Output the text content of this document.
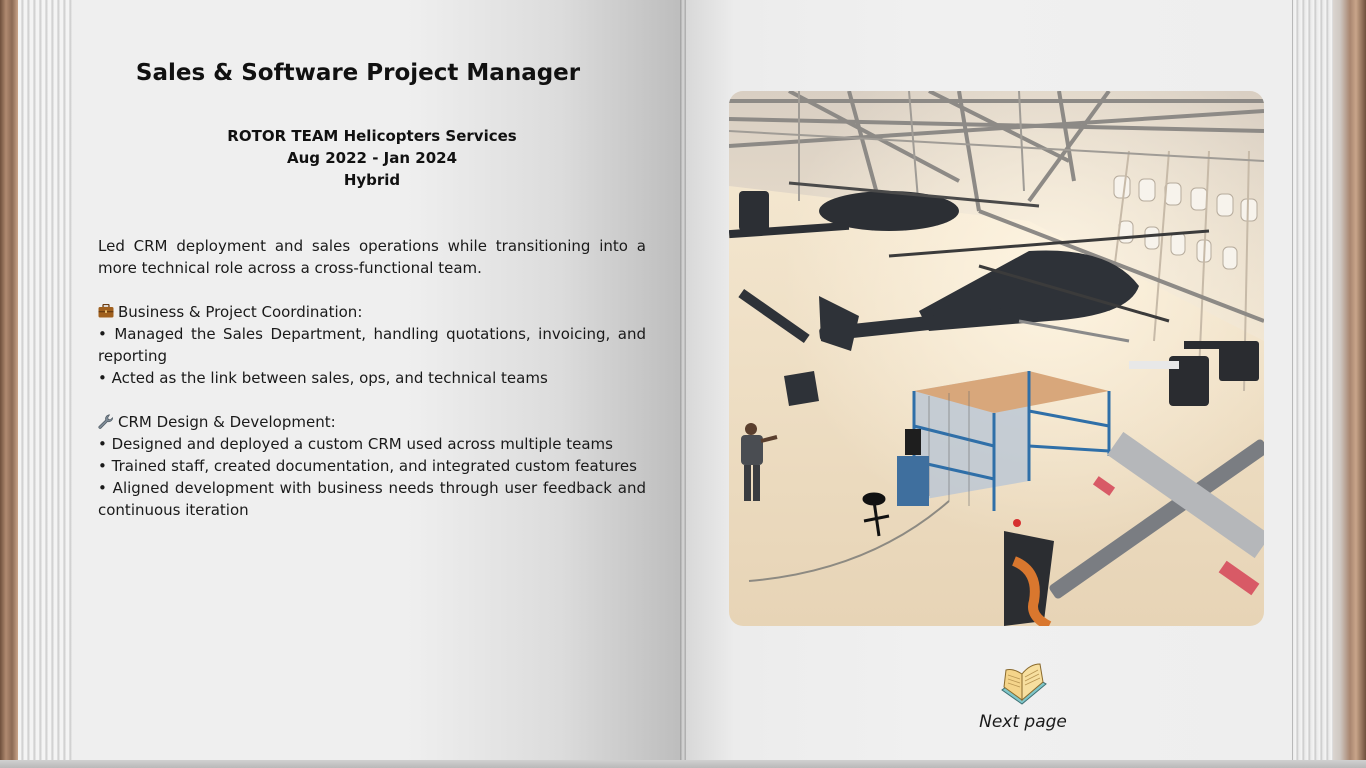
Sales & Software Project Manager
ROTOR TEAM Helicopters Services
Aug 2022 - Jan 2024
Hybrid

Led CRM deployment and sales operations while transitioning into a more technical role across a cross-functional team.

Business & Project Coordination:

• Managed the Sales Department, handling quotations, invoicing, and reporting

• Acted as the link between sales, ops, and technical teams

CRM Design & Development:

• Designed and deployed a custom CRM used across multiple teams

• Trained staff, created documentation, and integrated custom features

• Aligned development with business needs through user feedback and continuous iteration

Next page
